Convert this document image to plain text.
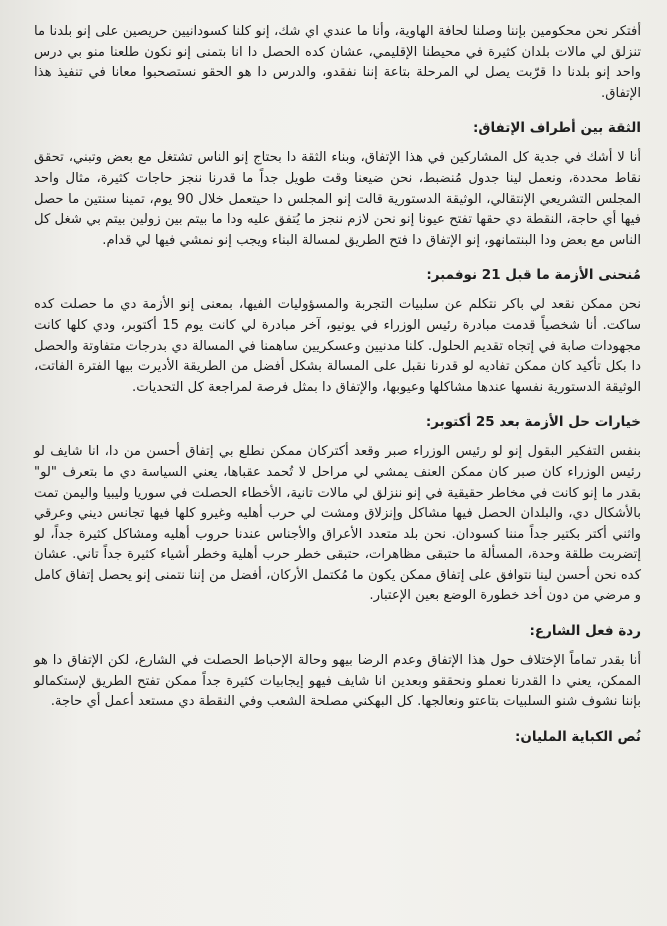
أفتكر نحن محكومين بإننا وصلنا لحافة الهاوية، وأنا ما عندي اي شك، إنو كلنا كسودانيين حريصين على إنو بلدنا ما تنزلق لي مالات بلدان كثيرة في محيطنا الإقليمي، عشان كده الحصل دا انا بتمنى إنو نكون طلعنا منو بي درس واحد إنو بلدنا دا قرّبت يصل لي المرحلة بتاعة إننا نفقدو، والدرس دا هو الحقو نستصحبوا معانا في تنفيذ هذا الإتفاق.

الثقة بين أطراف الإتفاق:

أنا لا أشك في جدية كل المشاركين في هذا الإتفاق، وبناء الثقة دا بحتاج إنو الناس تشتغل مع بعض وتبني، تحقق نقاط محددة، ونعمل لينا جدول مُنضبط، نحن ضيعنا وقت طويل جداً ما قدرنا ننجز حاجات كثيرة، مثال واحد المجلس التشريعي الإنتقالي، الوثيقة الدستورية قالت إنو المجلس دا حيتعمل خلال 90 يوم، تمينا سنتين ما حصل فيها أي حاجة، النقطة دي حقها تفتح عيونا إنو نحن لازم ننجز ما يُتفق عليه ودا ما بيتم بين زولين بيتم بي شغل كل الناس مع بعض ودا البنتمانهو، إنو الإتفاق دا فتح الطريق لمسالة البناء ويجب إنو نمشي فيها لي قدام.

مُنحنى الأزمة ما قبل 21 نوفمبر:

نحن ممكن نقعد لي باكر نتكلم عن سلبيات التجربة والمسؤوليات الفيها، بمعنى إنو الأزمة دي ما حصلت كده ساكت. أنا شخصياً قدمت مبادرة رئيس الوزراء في يونيو، آخر مبادرة لي كانت يوم 15 أكتوبر، ودي كلها كانت مجهودات صابة في إتجاه تقديم الحلول. كلنا مدنيين وعسكريين ساهمنا في المسالة دي بدرجات متفاوتة والحصل دا بكل تأكيد كان ممكن تفاديه لو قدرنا نقبل على المسالة بشكل أفضل من الطريقة الأديرت بيها الفترة الفاتت، الوثيقة الدستورية نفسها عندها مشاكلها وعيوبها، والإتفاق دا بمثل فرصة لمراجعة كل التحديات.

خيارات حل الأزمة بعد 25 أكتوبر:

بنفس التفكير البقول إنو لو رئيس الوزراء صبر وقعد أكتركان ممكن نطلع بي إتفاق أحسن من دا، انا شايف لو رئيس الوزراء كان صبر كان ممكن العنف يمشي لي مراحل لا تُحمد عقباها، يعني السياسة دي ما بتعرف "لو" بقدر ما إنو كانت في مخاطر حقيقية في إنو ننزلق لي مالات تانية، الأخطاء الحصلت في سوريا وليبيا واليمن تمت بالأشكال دي، والبلدان الحصل فيها مشاكل وإنزلاق ومشت لي حرب أهليه وغيرو كلها فيها تجانس ديني وعرقي واثني أكتر بكتير جداً مننا كسودان. نحن بلد متعدد الأعراق والأجناس عندنا حروب أهليه ومشاكل كثيرة جداً، لو إتضربت طلقة وحدة، المسألة ما حتبقى مظاهرات، حتبقى خطر حرب أهلية وخطر أشياء كثيرة جداً تاني. عشان كده نحن أحسن لينا نتوافق على إتفاق ممكن يكون ما مُكتمل الأركان، أفضل من إننا نتمنى إنو يحصل إتفاق كامل و مرضي من دون أخد خطورة الوضع بعين الإعتبار.

ردة فعل الشارع:

أنا بقدر تماماً الإختلاف حول هذا الإتفاق وعدم الرضا بيهو وحالة الإحباط الحصلت في الشارع، لكن الإتفاق دا هو الممكن، يعني دا القدرنا نعملو ونحققو وبعدين انا شايف فيهو إيجابيات كثيرة جداً ممكن تفتح الطريق لإستكمالو بإننا نشوف شنو السلبيات بتاعتو ونعالجها. كل البهكني مصلحة الشعب وفي النقطة دي مستعد أعمل أي حاجة.

نُص الكباية المليان:
